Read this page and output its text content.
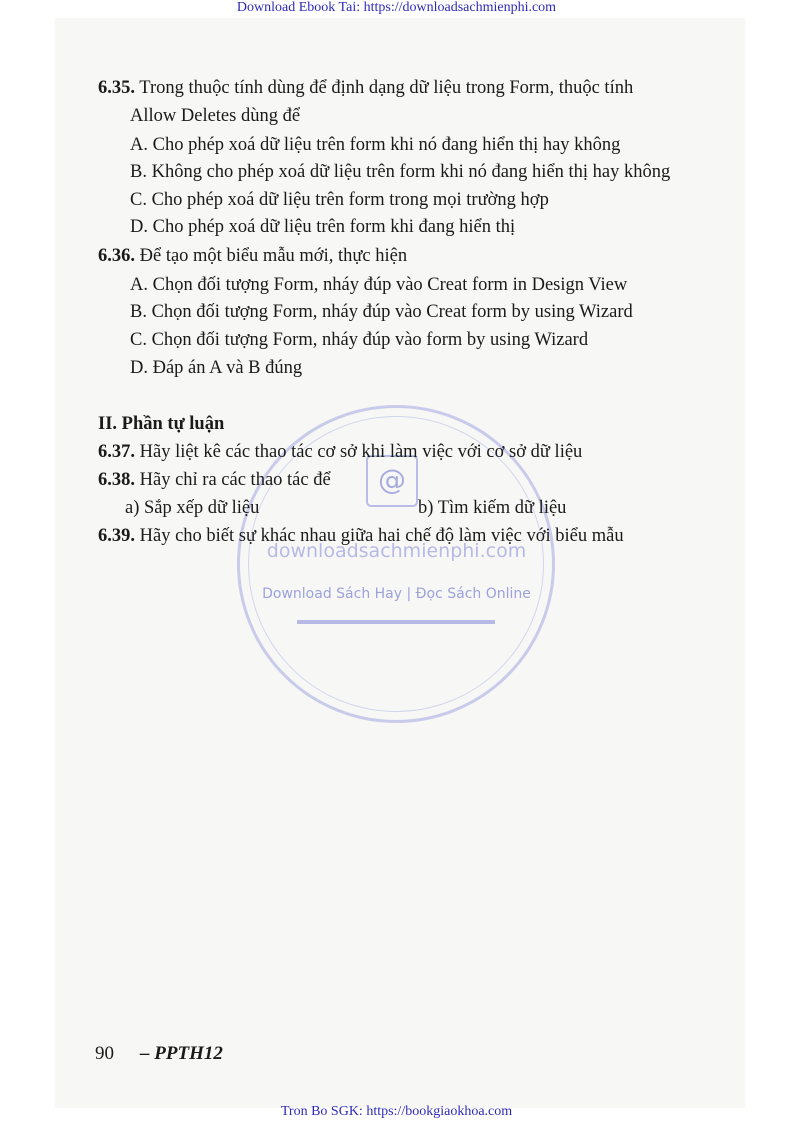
Download Ebook Tai: https://downloadsachmienphi.com
@
downloadsachmienphi.com
Download Sách Hay | Đọc Sách Online
6.35. Trong thuộc tính dùng để định dạng dữ liệu trong Form, thuộc tính
Allow Deletes dùng để
A. Cho phép xoá dữ liệu trên form khi nó đang hiển thị hay không
B. Không cho phép xoá dữ liệu trên form khi nó đang hiển thị hay không
C. Cho phép xoá dữ liệu trên form trong mọi trường hợp
D. Cho phép xoá dữ liệu trên form khi đang hiển thị
6.36. Để tạo một biểu mẫu mới, thực hiện
A. Chọn đối tượng Form, nháy đúp vào Creat form in Design View
B. Chọn đối tượng Form, nháy đúp vào Creat form by using Wizard
C. Chọn đối tượng Form, nháy đúp vào form by using Wizard
D. Đáp án A và B đúng
II. Phần tự luận
6.37. Hãy liệt kê các thao tác cơ sở khi làm việc với cơ sở dữ liệu
6.38. Hãy chỉ ra các thao tác để
a) Sắp xếp dữ liệu	b) Tìm kiếm dữ liệu
6.39. Hãy cho biết sự khác nhau giữa hai chế độ làm việc với biểu mẫu
90 – PPTH12
Tron Bo SGK: https://bookgiaokhoa.com
